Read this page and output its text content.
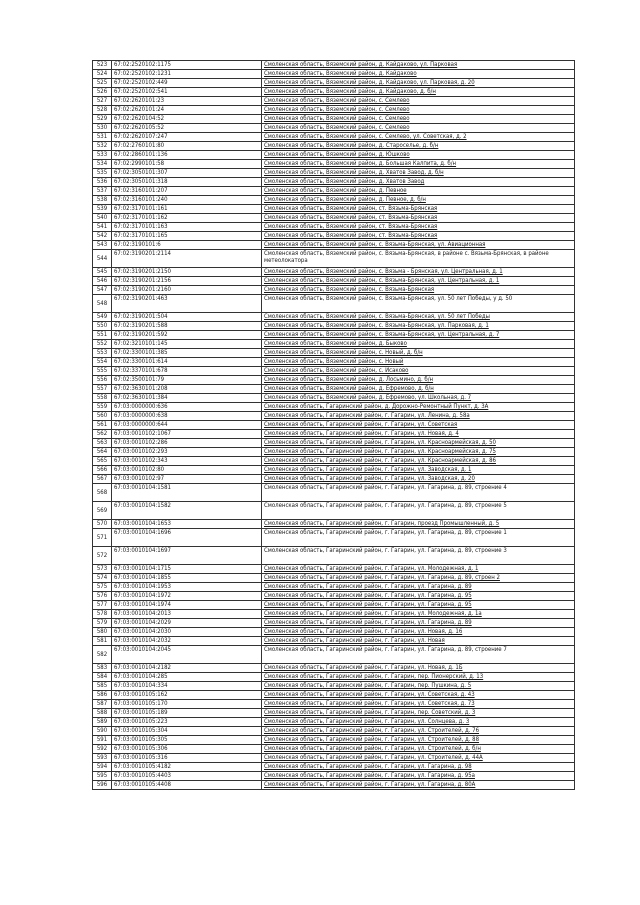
523	67:02:2520102:1175	Смоленская область, Вяземский район, д. Кайдаково, ул. Парковая
524	67:02:2520102:1231	Смоленская область, Вяземский район, д. Кайдаково
525	67:02:2520102:449	Смоленская область, Вяземский район, д. Кайдаково, ул. Парковая, д. 20
526	67:02:2520102:541	Смоленская область, Вяземский район, д. Кайдаково, д. б/н
527	67:02:2620101:23	Смоленская область, Вяземский район, с. Семлево
528	67:02:2620101:24	Смоленская область, Вяземский район, с. Семлево
529	67:02:2620104:52	Смоленская область, Вяземский район, с. Семлево
530	67:02:2620105:52	Смоленская область, Вяземский район, с. Семлево
531	67:02:2620107:247	Смоленская область, Вяземский район, с. Семлево, ул. Советская, д. 2
532	67:02:2760101:80	Смоленская область, Вяземский район, д. Староселье, д. б/н
533	67:02:2860101:136	Смоленская область, Вяземский район, д. Юшково
534	67:02:2990101:58	Смоленская область, Вяземский район, д. Большая Калпита, д. б/н
535	67:02:3050101:307	Смоленская область, Вяземский район, д. Хватов Завод, д. б/н
536	67:02:3050101:318	Смоленская область, Вяземский район, д. Хватов Завод
537	67:02:3160101:207	Смоленская область, Вяземский район, д. Певное
538	67:02:3160101:240	Смоленская область, Вяземский район, д. Певное, д. б/н
539	67:02:3170101:161	Смоленская область, Вяземский район, ст. Вязьма-Брянская
540	67:02:3170101:162	Смоленская область, Вяземский район, ст. Вязьма-Брянская
541	67:02:3170101:163	Смоленская область, Вяземский район, ст. Вязьма-Брянская
542	67:02:3170101:165	Смоленская область, Вяземский район, ст. Вязьма-Брянская
543	67:02:3190101:6	Смоленская область, Вяземский район, с. Вязьма-Брянская, ул. Авиационная
544	67:02:3190201:2114	Смоленская область, Вяземский район, с. Вязьма-Брянская, в районе с. Вязьма-Брянская, в районе метеолокатора
545	67:02:3190201:2150	Смоленская область, Вяземский район, с. Вязьма - Брянская, ул. Центральная, д. 1
546	67:02:3190201:2156	Смоленская область, Вяземский район, с. Вязьма-Брянская, ул. Центральная, д. 1
547	67:02:3190201:2160	Смоленская область, Вяземский район, с. Вязьма-Брянская
548	67:02:3190201:463	Смоленская область, Вяземский район, с. Вязьма-Брянская, ул. 50 лет Победы, у д. 50
549	67:02:3190201:504	Смоленская область, Вяземский район, с. Вязьма-Брянская, ул. 50 лет Победы
550	67:02:3190201:588	Смоленская область, Вяземский район, с. Вязьма-Брянская, ул. Парковая, д. 1
551	67:02:3190201:592	Смоленская область, Вяземский район, с. Вязьма-Брянская, ул. Центральная, д. 7
552	67:02:3210101:145	Смоленская область, Вяземский район, д. Быково
553	67:02:3300101:385	Смоленская область, Вяземский район, с. Новый, д. б/н
554	67:02:3300101:614	Смоленская область, Вяземский район, с. Новый
555	67:02:3370101:678	Смоленская область, Вяземский район, с. Исаково
556	67:02:3500101:79	Смоленская область, Вяземский район, д. Лосьмино, д. б/н
557	67:02:3630101:208	Смоленская область, Вяземский район, д. Ефремово, д. б/н
558	67:02:3630101:384	Смоленская область, Вяземский район, д. Ефремово, ул. Школьная, д. 7
559	67:03:0000000:636	Смоленская область, Гагаринский район, д. Дорожно-Ремонтный Пункт, д. 3А
560	67:03:0000000:638	Смоленская область, Гагаринский район, г. Гагарин, ул. Ленина, д. 58а
561	67:03:0000000:644	Смоленская область, Гагаринский район, г. Гагарин, ул. Советская
562	67:03:0010102:1067	Смоленская область, Гагаринский район, г. Гагарин, ул. Новая, д. 4
563	67:03:0010102:286	Смоленская область, Гагаринский район, г. Гагарин, ул. Красноармейская, д. 50
564	67:03:0010102:293	Смоленская область, Гагаринский район, г. Гагарин, ул. Красноармейская, д. 75
565	67:03:0010102:343	Смоленская область, Гагаринский район, г. Гагарин, ул. Красноармейская, д. 86
566	67:03:0010102:80	Смоленская область, Гагаринский район, г. Гагарин, ул. Заводская, д. 1
567	67:03:0010102:97	Смоленская область, Гагаринский район, г. Гагарин, ул. Заводская, д. 20
568	67:03:0010104:1581	Смоленская область, Гагаринский район, г. Гагарин, ул. Гагарина, д. 89, строение 4
569	67:03:0010104:1582	Смоленская область, Гагаринский район, г. Гагарин, ул. Гагарина, д. 89, строение 5
570	67:03:0010104:1653	Смоленская область, Гагаринский район, г. Гагарин, проезд Промышленный, д. 5
571	67:03:0010104:1696	Смоленская область, Гагаринский район, г. Гагарин, ул. Гагарина, д. 89, строение 1
572	67:03:0010104:1697	Смоленская область, Гагаринский район, г. Гагарин, ул. Гагарина, д. 89, строение 3
573	67:03:0010104:1715	Смоленская область, Гагаринский район, г. Гагарин, ул. Молодежная, д. 1
574	67:03:0010104:1855	Смоленская область, Гагаринский район, г. Гагарин, ул. Гагарина, д. 89, строен 2
575	67:03:0010104:1953	Смоленская область, Гагаринский район, г. Гагарин, ул. Гагарина, д. 89
576	67:03:0010104:1972	Смоленская область, Гагаринский район, г. Гагарин, ул. Гагарина, д. 95
577	67:03:0010104:1974	Смоленская область, Гагаринский район, г. Гагарин, ул. Гагарина, д. 95
578	67:03:0010104:2013	Смоленская область, Гагаринский район, г. Гагарин, ул. Молодежная, д. 1а
579	67:03:0010104:2029	Смоленская область, Гагаринский район, г. Гагарин, ул. Гагарина, д. 89
580	67:03:0010104:2030	Смоленская область, Гагаринский район, г. Гагарин, ул. Новая, д. 16
581	67:03:0010104:2032	Смоленская область, Гагаринский район, г. Гагарин, ул. Новая
582	67:03:0010104:2045	Смоленская область, Гагаринский район, г. Гагарин, ул. Гагарина, д. 89, строение 7
583	67:03:0010104:2182	Смоленская область, Гагаринский район, г. Гагарин, ул. Новая, д. 1Б
584	67:03:0010104:285	Смоленская область, Гагаринский район, г. Гагарин, пер. Пионерский, д. 13
585	67:03:0010104:334	Смоленская область, Гагаринский район, г. Гагарин, пер. Пушкина, д. 5
586	67:03:0010105:162	Смоленская область, Гагаринский район, г. Гагарин, ул. Советская, д. 43
587	67:03:0010105:170	Смоленская область, Гагаринский район, г. Гагарин, ул. Советская, д. 73
588	67:03:0010105:189	Смоленская область, Гагаринский район, г. Гагарин, пер. Советский, д. 3
589	67:03:0010105:223	Смоленская область, Гагаринский район, г. Гагарин, ул. Солнцева, д. 3
590	67:03:0010105:304	Смоленская область, Гагаринский район, г. Гагарин, ул. Строителей, д. 76
591	67:03:0010105:305	Смоленская область, Гагаринский район, г. Гагарин, ул. Строителей, д. 88
592	67:03:0010105:306	Смоленская область, Гагаринский район, г. Гагарин, ул. Строителей, д. б/н
593	67:03:0010105:316	Смоленская область, Гагаринский район, г. Гагарин, ул. Строителей, д. 44А
594	67:03:0010105:4182	Смоленская область, Гагаринский район, г. Гагарин, ул. Гагарина, д. 98
595	67:03:0010105:4403	Смоленская область, Гагаринский район, г. Гагарин, ул. Гагарина, д. 95а
596	67:03:0010105:4408	Смоленская область, Гагаринский район, г. Гагарин, ул. Гагарина, д. 80А
